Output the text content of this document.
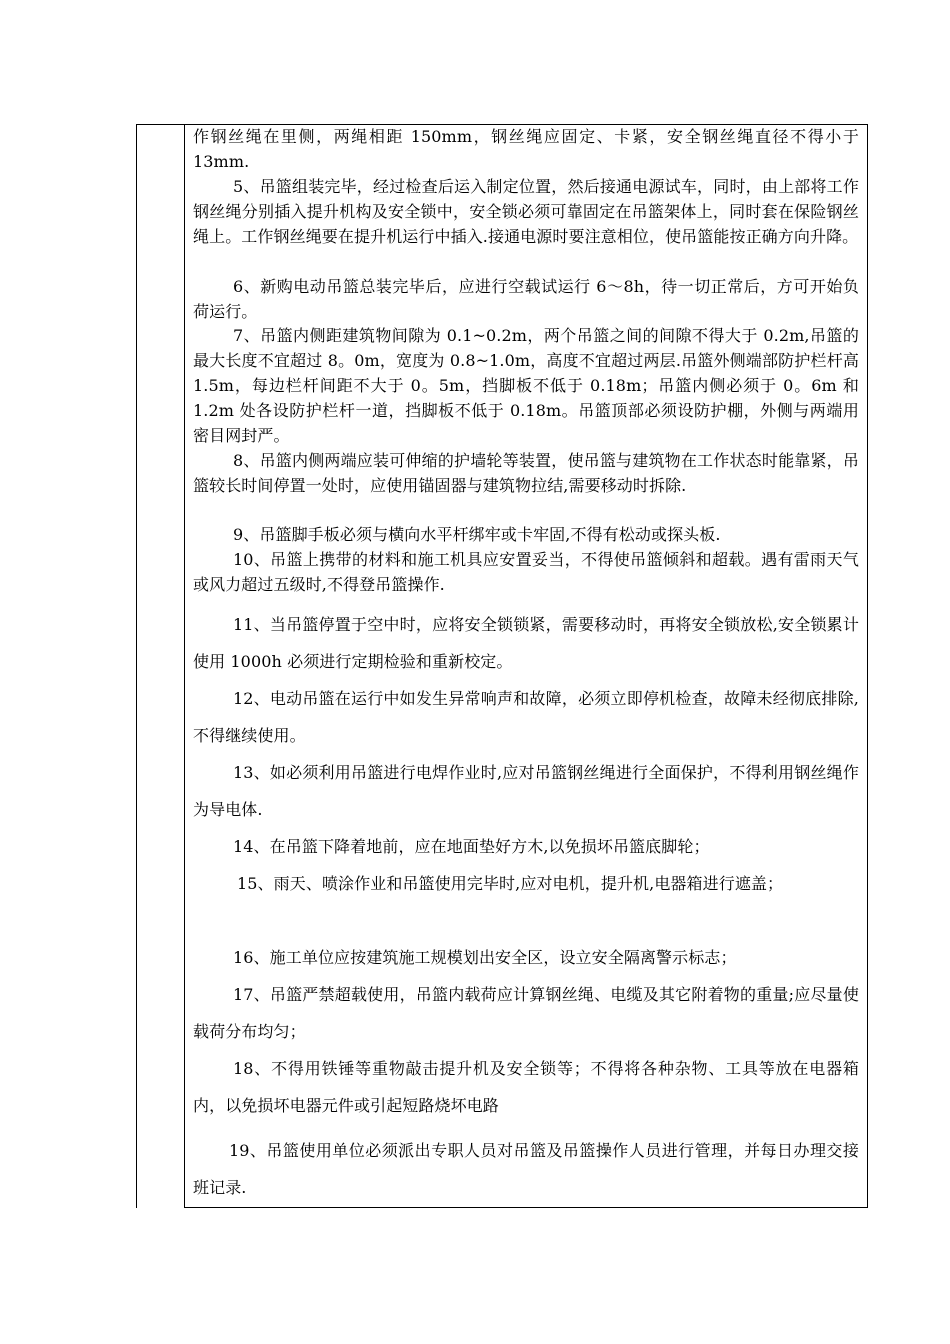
作钢丝绳在里侧，两绳相距 150mm，钢丝绳应固定、卡紧，安全钢丝绳直径不得小于 13mm.

5、吊篮组装完毕，经过检查后运入制定位置，然后接通电源试车，同时，由上部将工作钢丝绳分别插入提升机构及安全锁中，安全锁必须可靠固定在吊篮架体上，同时套在保险钢丝绳上。工作钢丝绳要在提升机运行中插入.接通电源时要注意相位，使吊篮能按正确方向升降。

6、新购电动吊篮总装完毕后，应进行空载试运行 6～8h，待一切正常后，方可开始负荷运行。

7、吊篮内侧距建筑物间隙为 0.1~0.2m，两个吊篮之间的间隙不得大于 0.2m,吊篮的最大长度不宜超过 8。0m，宽度为 0.8~1.0m，高度不宜超过两层.吊篮外侧端部防护栏杆高 1.5m，每边栏杆间距不大于 0。5m，挡脚板不低于 0.18m；吊篮内侧必须于 0。6m 和 1.2m 处各设防护栏杆一道，挡脚板不低于 0.18m。吊篮顶部必须设防护棚，外侧与两端用密目网封严。

8、吊篮内侧两端应装可伸缩的护墙轮等装置，使吊篮与建筑物在工作状态时能靠紧，吊篮较长时间停置一处时，应使用锚固器与建筑物拉结,需要移动时拆除.

9、吊篮脚手板必须与横向水平杆绑牢或卡牢固,不得有松动或探头板.

10、吊篮上携带的材料和施工机具应安置妥当，不得使吊篮倾斜和超载。遇有雷雨天气或风力超过五级时,不得登吊篮操作.

11、当吊篮停置于空中时，应将安全锁锁紧，需要移动时，再将安全锁放松,安全锁累计使用 1000h 必须进行定期检验和重新校定。

12、电动吊篮在运行中如发生异常响声和故障，必须立即停机检查，故障未经彻底排除,不得继续使用。

13、如必须利用吊篮进行电焊作业时,应对吊篮钢丝绳进行全面保护，不得利用钢丝绳作为导电体.

14、在吊篮下降着地前，应在地面垫好方木,以免损坏吊篮底脚轮；

15、雨天、喷涂作业和吊篮使用完毕时,应对电机，提升机,电器箱进行遮盖；

16、施工单位应按建筑施工规模划出安全区，设立安全隔离警示标志；

17、吊篮严禁超载使用，吊篮内载荷应计算钢丝绳、电缆及其它附着物的重量;应尽量使载荷分布均匀；

18、不得用铁锤等重物敲击提升机及安全锁等；不得将各种杂物、工具等放在电器箱内，以免损坏电器元件或引起短路烧坏电路

19、吊篮使用单位必须派出专职人员对吊篮及吊篮操作人员进行管理，并每日办理交接班记录.
